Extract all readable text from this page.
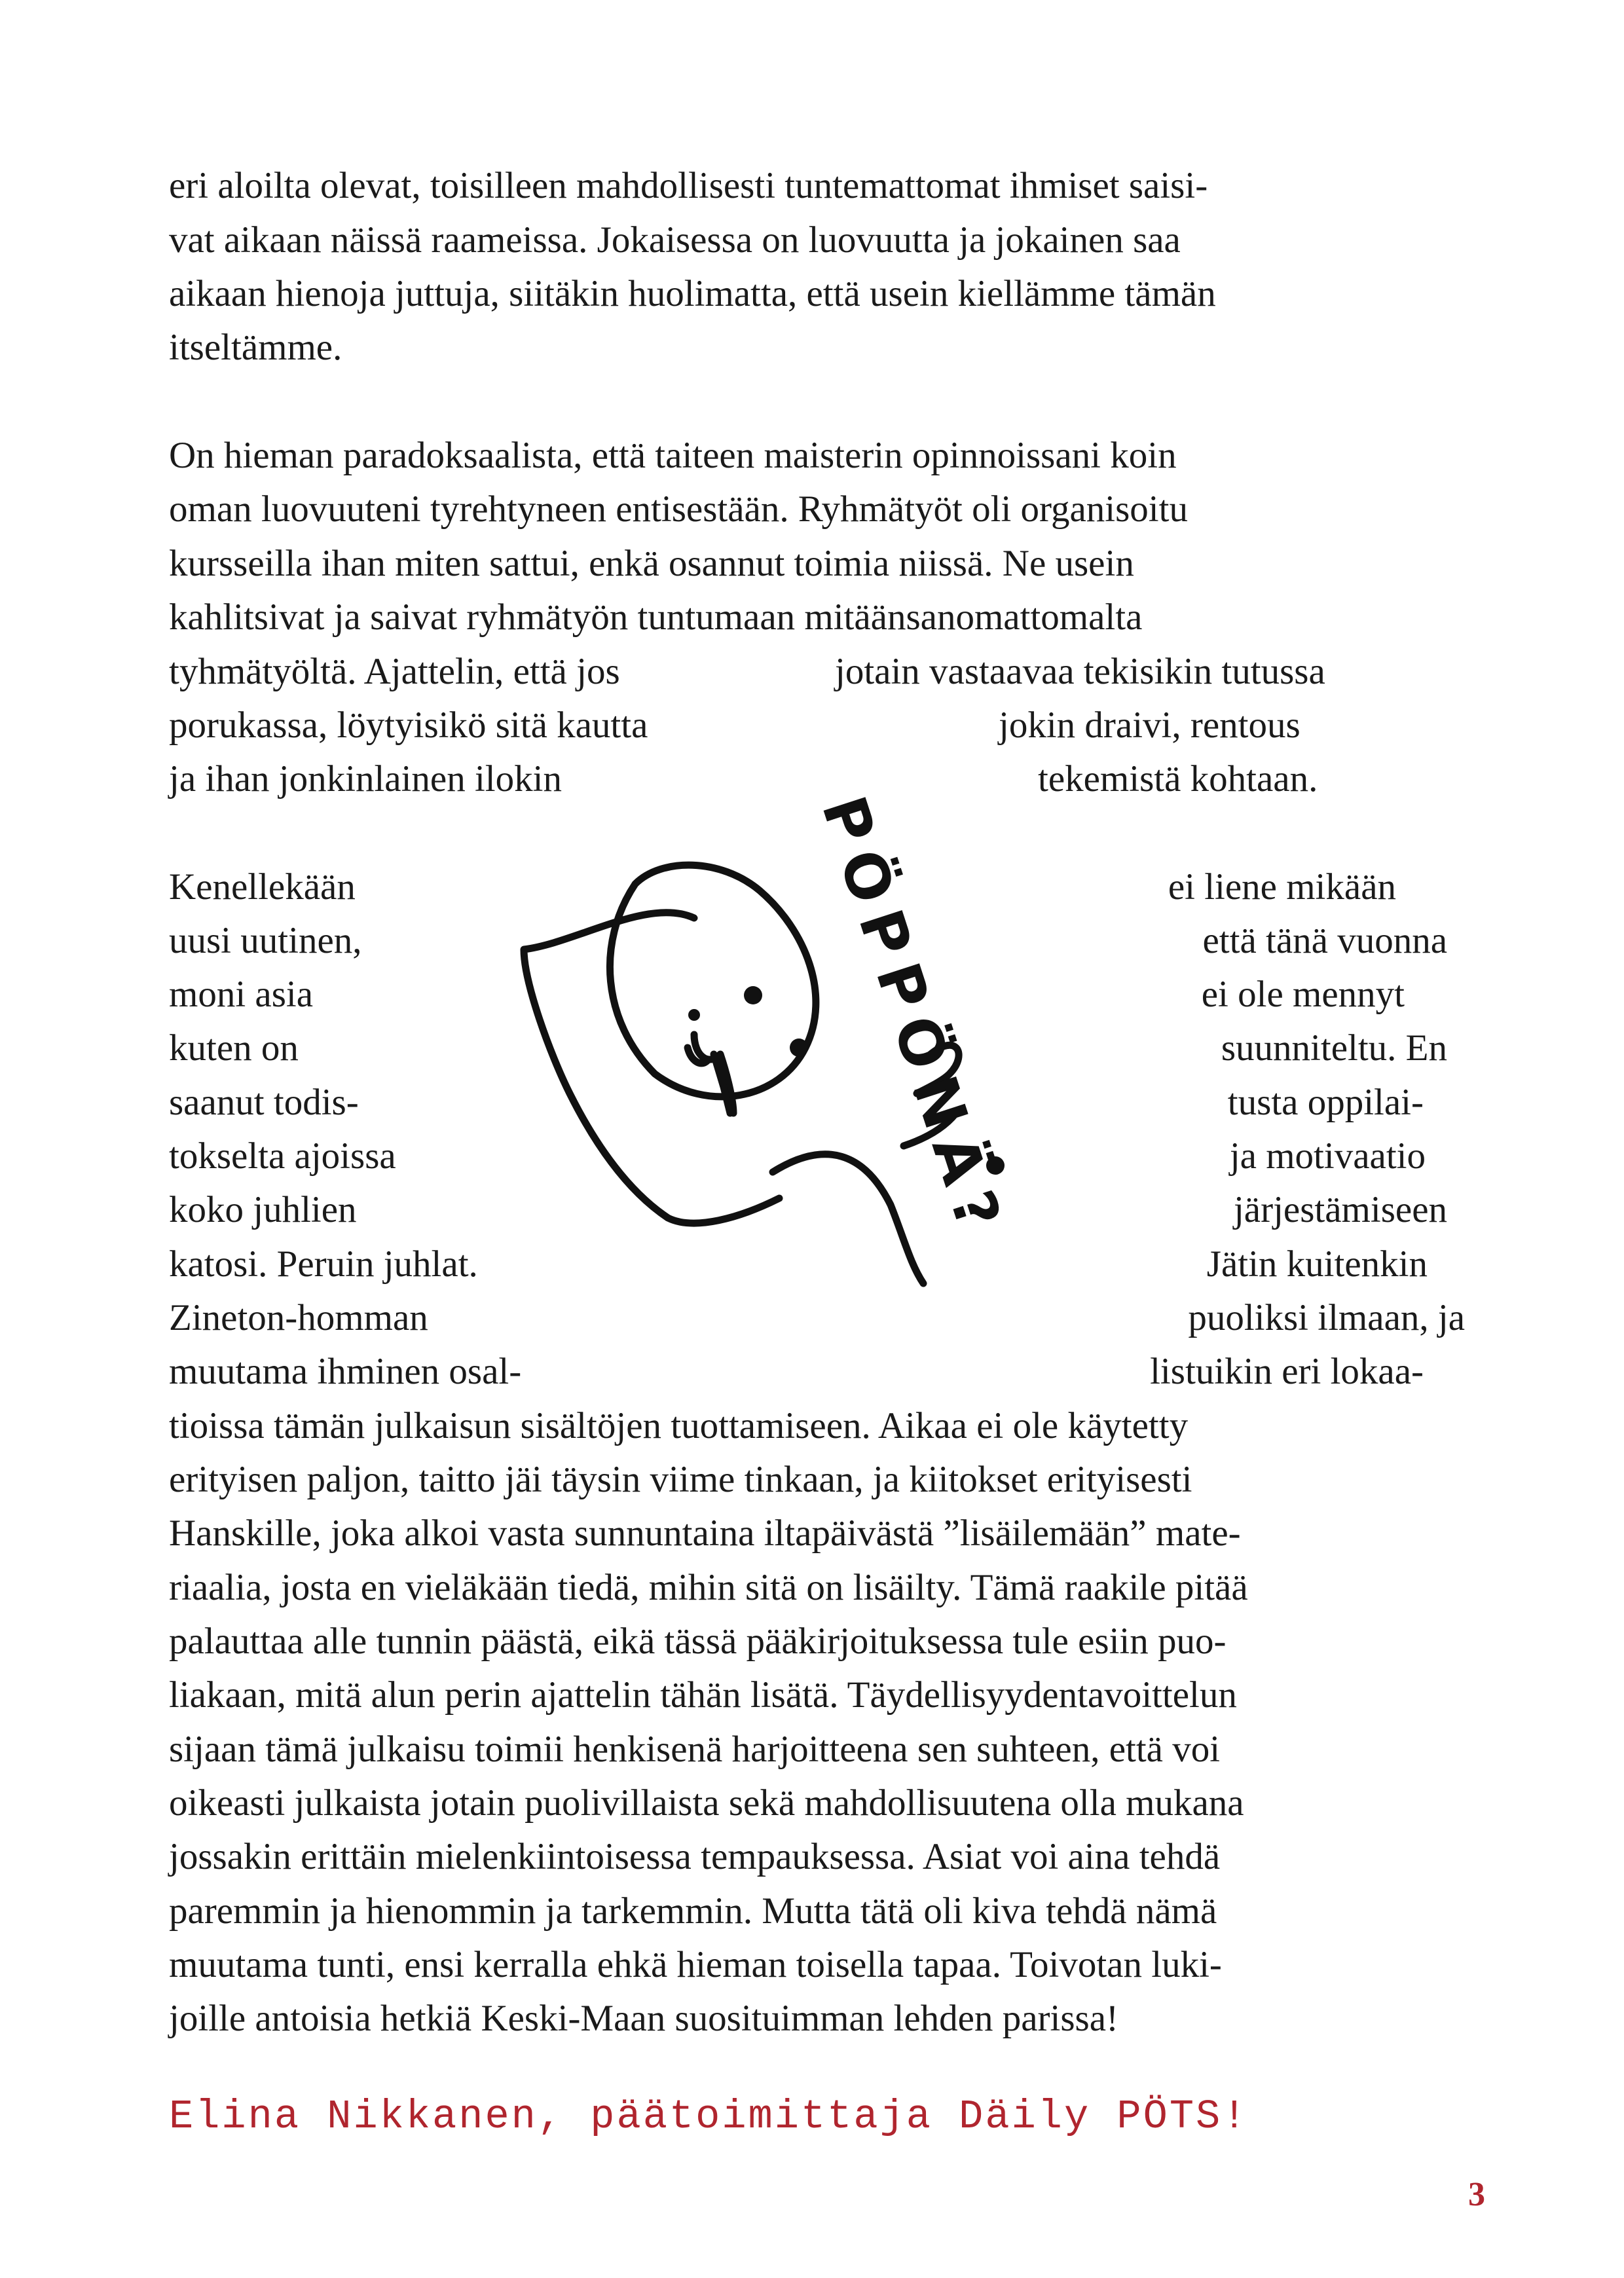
eri aloilta olevat, toisilleen mahdollisesti tuntemattomat ihmiset saisi-
vat aikaan näissä raameissa. Jokaisessa on luovuutta ja jokainen saa
aikaan hienoja juttuja, siitäkin huolimatta, että usein kiellämme tämän
itseltämme.
On hieman paradoksaalista, että taiteen maisterin opinnoissani koin
oman luovuuteni tyrehtyneen entisestään. Ryhmätyöt oli organisoitu
kursseilla ihan miten sattui, enkä osannut toimia niissä. Ne usein
kahlitsivat ja saivat ryhmätyön tuntumaan mitäänsanomattomalta
tyhmätyöltä. Ajattelin, että jos	jotain vastaavaa tekisikin tutussa
porukassa, löytyisikö sitä kautta	jokin draivi, rentous
ja ihan jonkinlainen ilokin	tekemistä kohtaan.
Kenellekään	ei liene mikään
uusi uutinen,	että tänä vuonna
moni asia	ei ole mennyt
kuten on	suunniteltu. En
saanut todis-	tusta oppilai-
tokselta ajoissa	ja motivaatio
koko juhlien	järjestämiseen
katosi. Peruin juhlat.	Jätin kuitenkin
Zineton-homman	puoliksi ilmaan, ja
muutama ihminen osal-	listuikin eri lokaa-
tioissa tämän julkaisun sisältöjen tuottamiseen. Aikaa ei ole käytetty
erityisen paljon, taitto jäi täysin viime tinkaan, ja kiitokset erityisesti
Hanskille, joka alkoi vasta sunnuntaina iltapäivästä ”lisäilemään” mate-
riaalia, josta en vieläkään tiedä, mihin sitä on lisäilty. Tämä raakile pitää
palauttaa alle tunnin päästä, eikä tässä pääkirjoituksessa tule esiin puo-
liakaan, mitä alun perin ajattelin tähän lisätä. Täydellisyydentavoittelun
sijaan tämä julkaisu toimii henkisenä harjoitteena sen suhteen, että voi
oikeasti julkaista jotain puolivillaista sekä mahdollisuutena olla mukana
jossakin erittäin mielenkiintoisessa tempauksessa. Asiat voi aina tehdä
paremmin ja hienommin ja tarkemmin. Mutta tätä oli kiva tehdä nämä
muutama tunti, ensi kerralla ehkä hieman toisella tapaa. Toivotan luki-
joille antoisia hetkiä Keski-Maan suosituimman lehden parissa!
PÖPPÖNÄ?
Elina Nikkanen, päätoimittaja Däily PÖTS!
3
